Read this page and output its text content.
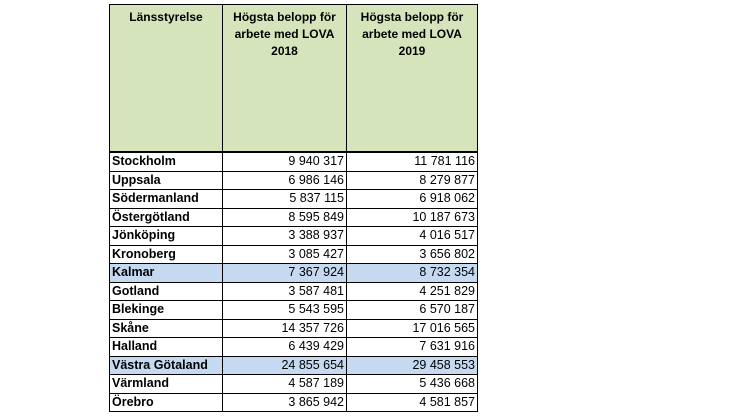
Länsstyrelse	Högsta belopp för arbete med LOVA 2018	Högsta belopp för arbete med LOVA 2019
Stockholm	9 940 317	11 781 116
Uppsala	6 986 146	8 279 877
Södermanland	5 837 115	6 918 062
Östergötland	8 595 849	10 187 673
Jönköping	3 388 937	4 016 517
Kronoberg	3 085 427	3 656 802
Kalmar	7 367 924	8 732 354
Gotland	3 587 481	4 251 829
Blekinge	5 543 595	6 570 187
Skåne	14 357 726	17 016 565
Halland	6 439 429	7 631 916
Västra Götaland	24 855 654	29 458 553
Värmland	4 587 189	5 436 668
Örebro	3 865 942	4 581 857
